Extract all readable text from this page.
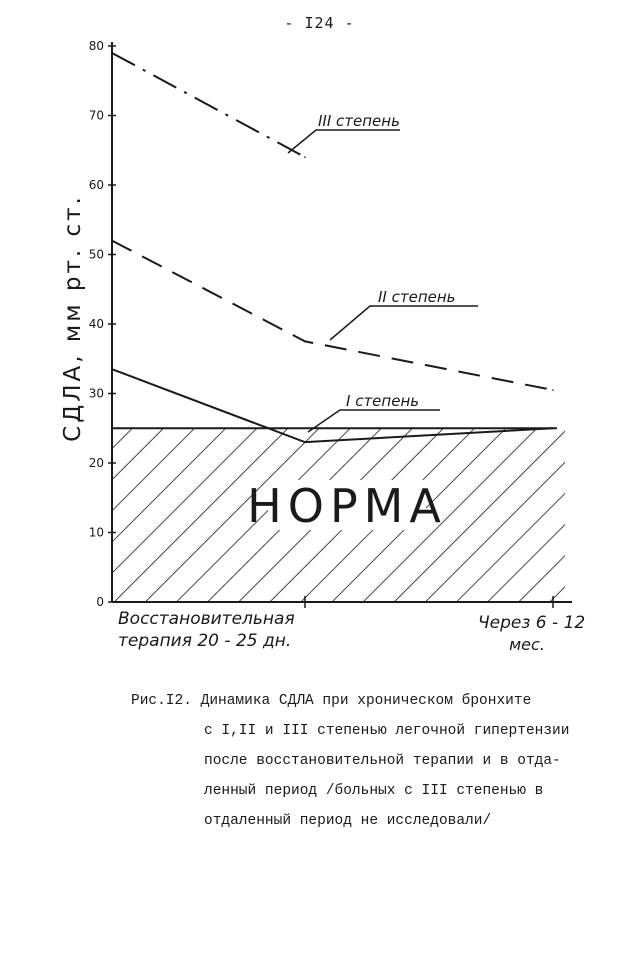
- I24 -
НОРМА
0
10
20
30
40
50
60
70
80
СДЛА, мм рт. ст.
Восстановительная
терапия 20 - 25 дн.
Через 6 - 12
мес.
III степень
II степень
I степень
Рис.I2. Динамика СДЛА при хроническом бронхите
с I,II и III степенью легочной гипертензии
после восстановительной терапии и в отда-
ленный период /больных с III степенью в
отдаленный период не исследовали/
